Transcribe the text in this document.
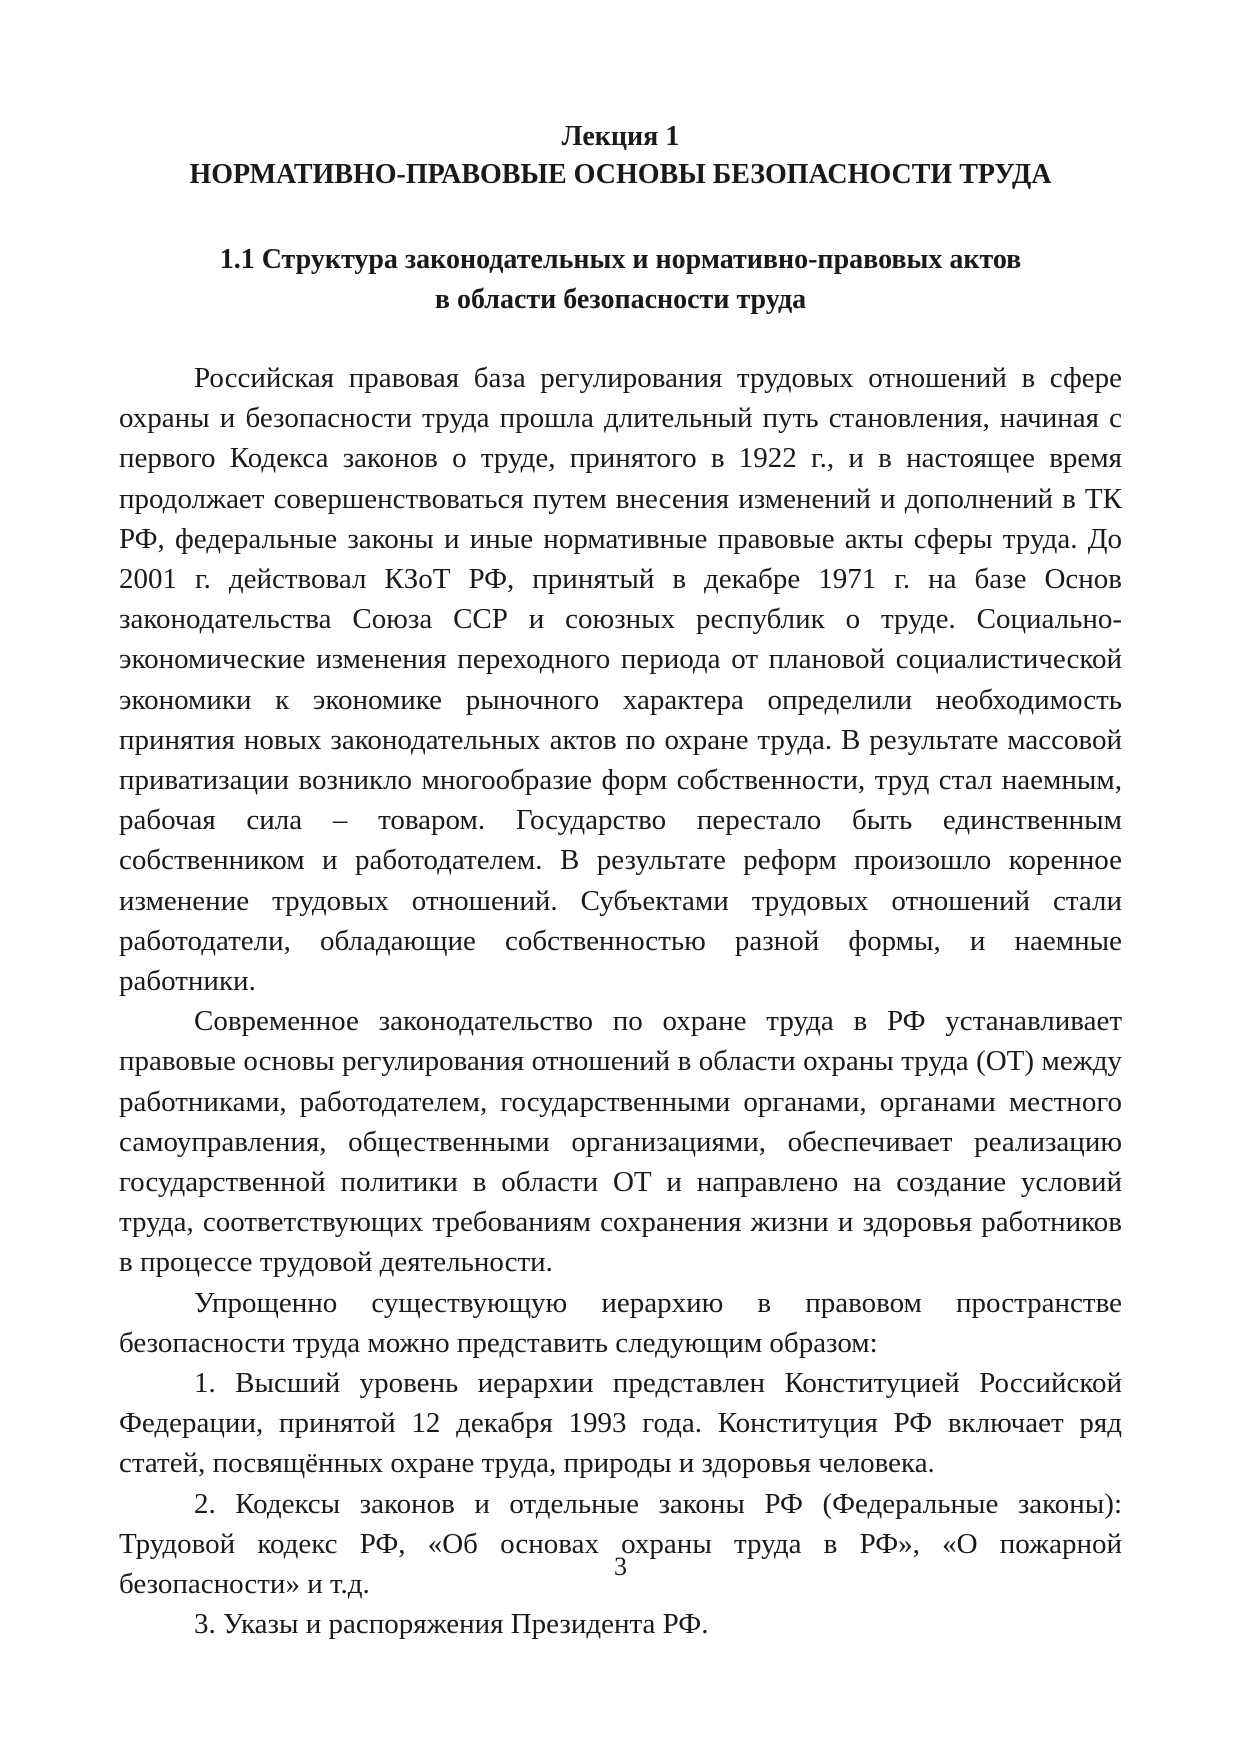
Лекция 1

НОРМАТИВНО-ПРАВОВЫЕ ОСНОВЫ БЕЗОПАСНОСТИ ТРУДА

1.1 Структура законодательных и нормативно-правовых актов
в области безопасности труда

Российская правовая база регулирования трудовых отношений в сфере охраны и безопасности труда прошла длительный путь становления, начиная с первого Кодекса законов о труде, принятого в 1922 г., и в настоящее время продолжает совершенствоваться путем внесения изменений и дополнений в ТК РФ, федеральные законы и иные нормативные правовые акты сферы труда. До 2001 г. действовал КЗоТ РФ, принятый в декабре 1971 г. на базе Основ законодательства Союза ССР и союзных республик о труде. Социально-экономические изменения переходного периода от плановой социалистической экономики к экономике рыночного характера определили необходимость принятия новых законодательных актов по охране труда. В результате массовой приватизации возникло многообразие форм собственности, труд стал наемным, рабочая сила – товаром. Государство перестало быть единственным собственником и работодателем. В результате реформ произошло коренное изменение трудовых отношений. Субъектами трудовых отношений стали работодатели, обладающие собственностью разной формы, и наемные работники.

Современное законодательство по охране труда в РФ устанавливает правовые основы регулирования отношений в области охраны труда (ОТ) между работниками, работодателем, государственными органами, органами местного самоуправления, общественными организациями, обеспечивает реализацию государственной политики в области ОТ и направлено на создание условий труда, соответствующих требованиям сохранения жизни и здоровья работников в процессе трудовой деятельности.

Упрощенно существующую иерархию в правовом пространстве безопасности труда можно представить следующим образом:

1. Высший уровень иерархии представлен Конституцией Российской Федерации, принятой 12 декабря 1993 года. Конституция РФ включает ряд статей, посвящённых охране труда, природы и здоровья человека.

2. Кодексы законов и отдельные законы РФ (Федеральные законы): Трудовой кодекс РФ, «Об основах охраны труда в РФ», «О пожарной безопасности» и т.д.

3. Указы и распоряжения Президента РФ.

3
